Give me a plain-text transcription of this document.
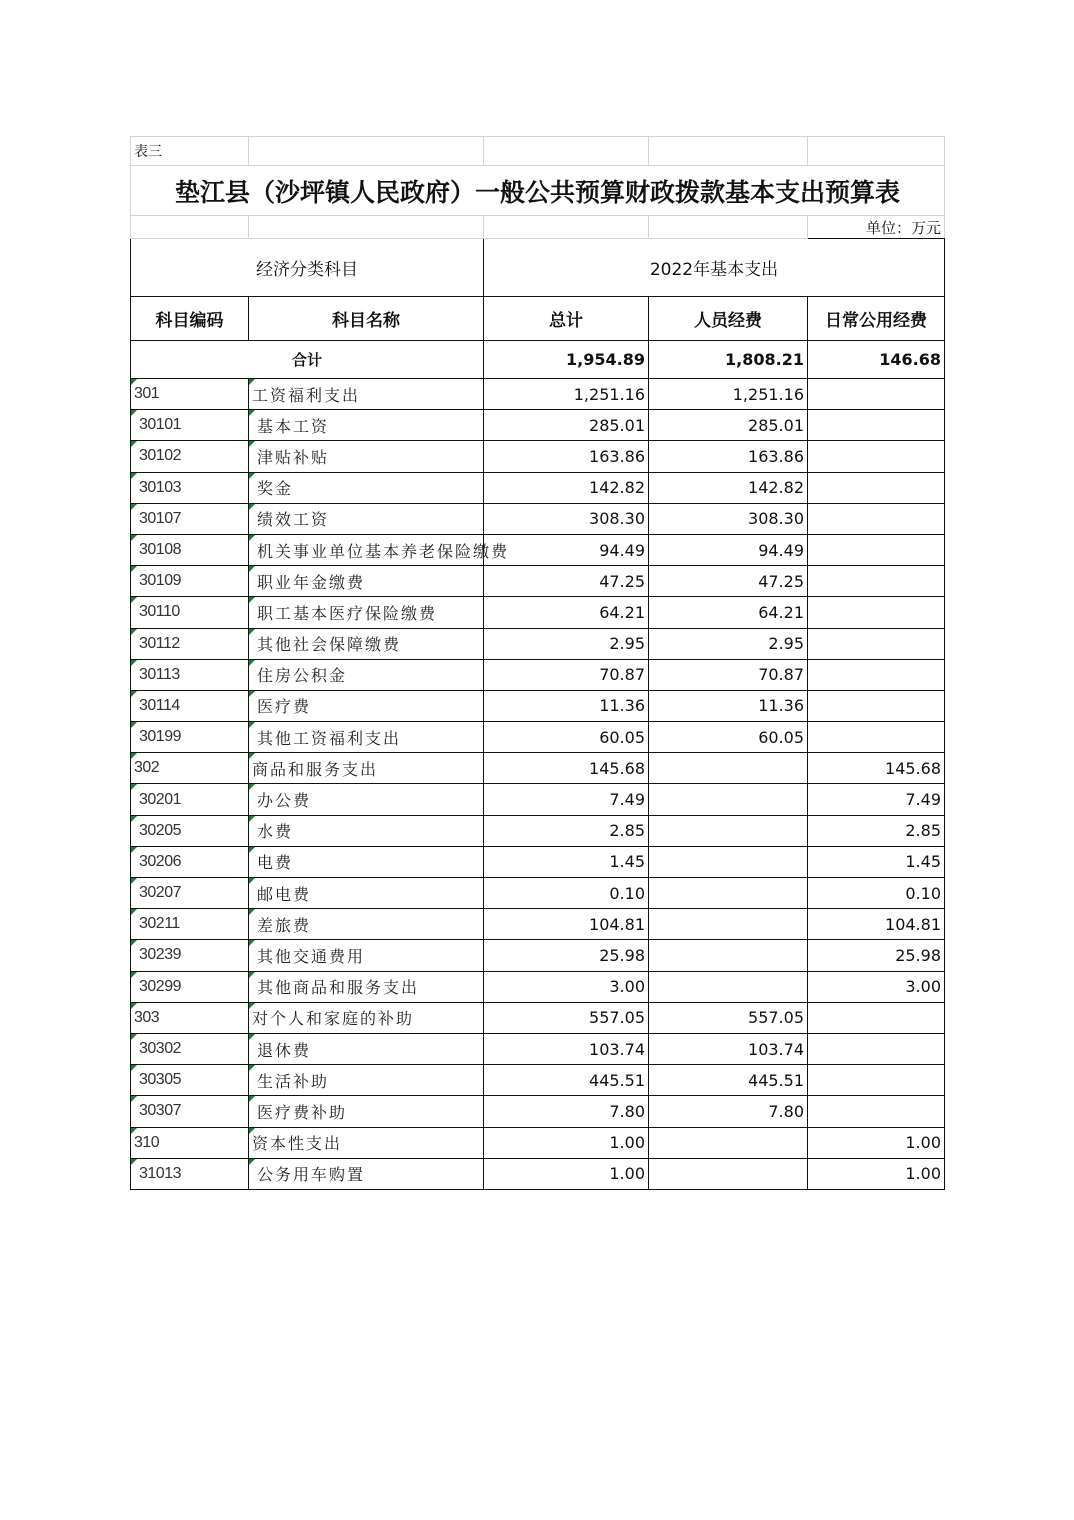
表三				
垫江县（沙坪镇人民政府）一般公共预算财政拨款基本支出预算表				
				单位：万元
经济分类科目		2022年基本支出		
科目编码	科目名称	总计	人员经费	日常公用经费
合计		1,954.89	1,808.21	146.68
301	工资福利支出	1,251.16	1,251.16	
30101	基本工资	285.01	285.01	
30102	津贴补贴	163.86	163.86	
30103	奖金	142.82	142.82	
30107	绩效工资	308.30	308.30	
30108	机关事业单位基本养老保险缴费	94.49	94.49	
30109	职业年金缴费	47.25	47.25	
30110	职工基本医疗保险缴费	64.21	64.21	
30112	其他社会保障缴费	2.95	2.95	
30113	住房公积金	70.87	70.87	
30114	医疗费	11.36	11.36	
30199	其他工资福利支出	60.05	60.05	
302	商品和服务支出	145.68		145.68
30201	办公费	7.49		7.49
30205	水费	2.85		2.85
30206	电费	1.45		1.45
30207	邮电费	0.10		0.10
30211	差旅费	104.81		104.81
30239	其他交通费用	25.98		25.98
30299	其他商品和服务支出	3.00		3.00
303	对个人和家庭的补助	557.05	557.05	
30302	退休费	103.74	103.74	
30305	生活补助	445.51	445.51	
30307	医疗费补助	7.80	7.80	
310	资本性支出	1.00		1.00
31013	公务用车购置	1.00		1.00
